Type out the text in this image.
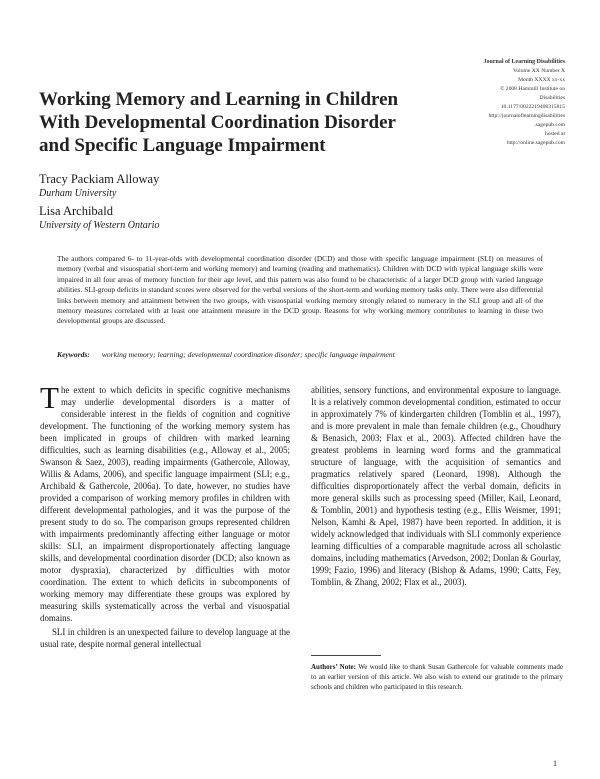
Journal of Learning Disabilities
Volume XX Number X
Month XXXX xx-xx
© 2008 Hammill Institute on
Disabilities
10.1177/0022219408315815
http://journaloflearningdisabilities
.sagepub.com
hosted at
http://online.sagepub.com
Working Memory and Learning in Children
With Developmental Coordination Disorder
and Specific Language Impairment
Tracy Packiam Alloway
Durham University
Lisa Archibald
University of Western Ontario
The authors compared 6- to 11-year-olds with developmental coordination disorder (DCD) and those with specific language impairment (SLI) on measures of memory (verbal and visuospatial short-term and working memory) and learning (reading and mathematics). Children with DCD with typical language skills were impaired in all four areas of memory function for their age level, and this pattern was also found to be characteristic of a larger DCD group with varied language abilities. SLI-group deficits in standard scores were observed for the verbal versions of the short-term and working memory tasks only. There were also differential links between memory and attainment between the two groups, with visuospatial working memory strongly related to numeracy in the SLI group and all of the memory measures correlated with at least one attainment measure in the DCD group. Reasons for why working memory contributes to learning in these two developmental groups are discussed.
Keywords: working memory; learning; developmental coordination disorder; specific language impairment

The extent to which deficits in specific cognitive mechanisms may underlie developmental disorders is a matter of considerable interest in the fields of cognition and cognitive development. The functioning of the working memory system has been implicated in groups of children with marked learning difficulties, such as learning disabilities (e.g., Alloway et al., 2005; Swanson & Saez, 2003), reading impairments (Gathercole, Alloway, Willis & Adams, 2006), and specific language impairment (SLI; e.g., Archibald & Gathercole, 2006a). To date, however, no studies have provided a comparison of working memory profiles in children with different developmental pathologies, and it was the purpose of the present study to do so. The comparison groups represented children with impairments predominantly affecting either language or motor skills: SLI, an impairment disproportionately affecting language skills, and developmental coordination disorder (DCD; also known as motor dyspraxia), characterized by difficulties with motor coordination. The extent to which deficits in subcomponents of working memory may differentiate these groups was explored by measuring skills systematically across the verbal and visuospatial domains.

SLI in children is an unexpected failure to develop language at the usual rate, despite normal general intellectual

abilities, sensory functions, and environmental exposure to language. It is a relatively common developmental condition, estimated to occur in approximately 7% of kindergarten children (Tomblin et al., 1997), and is more prevalent in male than female children (e.g., Choudhury & Benasich, 2003; Flax et al., 2003). Affected children have the greatest problems in learning word forms and the grammatical structure of language, with the acquisition of semantics and pragmatics relatively spared (Leonard, 1998). Although the difficulties disproportionately affect the verbal domain, deficits in more general skills such as processing speed (Miller, Kail, Leonard, & Tomblin, 2001) and hypothesis testing (e.g., Ellis Weismer, 1991; Nelson, Kamhi & Apel, 1987) have been reported. In addition, it is widely acknowledged that individuals with SLI commonly experience learning difficulties of a comparable magnitude across all scholastic domains, including mathematics (Arvedson, 2002; Donlan & Gourlay, 1999; Fazio, 1996) and literacy (Bishop & Adams, 1990; Catts, Fey, Tomblin, & Zhang, 2002; Flax et al., 2003).

Authors’ Note: We would like to thank Susan Gathercole for valuable comments made to an earlier version of this article. We also wish to extend our gratitude to the primary schools and children who participated in this research.
1
